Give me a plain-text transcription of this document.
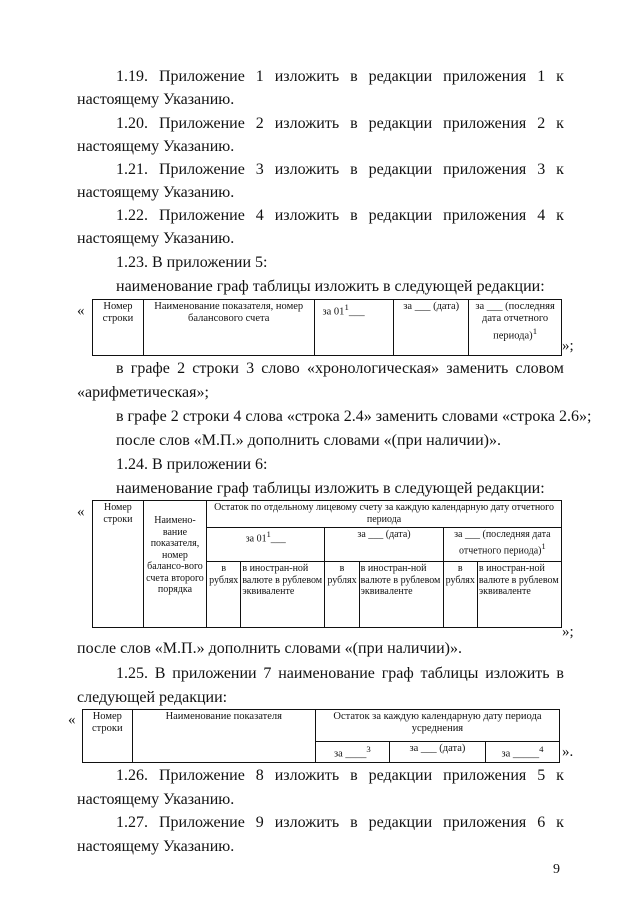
1.19. Приложение 1 изложить в редакции приложения 1 к
настоящему Указанию.
1.20. Приложение 2 изложить в редакции приложения 2 к
настоящему Указанию.
1.21. Приложение 3 изложить в редакции приложения 3 к
настоящему Указанию.
1.22. Приложение 4 изложить в редакции приложения 4 к
настоящему Указанию.
1.23. В приложении 5:
наименование граф таблицы изложить в следующей редакции:
« Номер строки	Наименование показателя, номер балансового счета	за $01^1\_\_\_$	за ___ (дата)	за ___ (последняя дата отчетного периода)$^1$
»;
в графе 2 строки 3 слово «хронологическая» заменить словом
«арифметическая»;
в графе 2 строки 4 слова «строка 2.4» заменить словами «строка 2.6»;
после слов «М.П.» дополнить словами «(при наличии)».
1.24. В приложении 6:
наименование граф таблицы изложить в следующей редакции:
« Номер строки	Наимено-вание показателя, номер балансо-вого счета второго порядка	Остаток по отдельному лицевому счету за каждую календарную дату отчетного периода					
		за $01^1\_\_\_$		за ___ (дата)		за ___ (последняя дата отчетного периода)$^1$
		в рублях	в иностран-ной валюте в рублевом эквиваленте	в рублях	в иностран-ной валюте в рублевом эквиваленте	в рублях	в иностран-ной валюте в рублевом эквиваленте
»;
после слов «М.П.» дополнить словами «(при наличии)».
1.25. В приложении 7 наименование граф таблицы изложить в
следующей редакции:
« Номер строки	Наименование показателя	Остаток за каждую календарную дату периода усреднения		
		за ____$^3$	за ___ (дата)	за _____$^4$ ».
1.26. Приложение 8 изложить в редакции приложения 5 к
настоящему Указанию.
1.27. Приложение 9 изложить в редакции приложения 6 к
настоящему Указанию.
9
